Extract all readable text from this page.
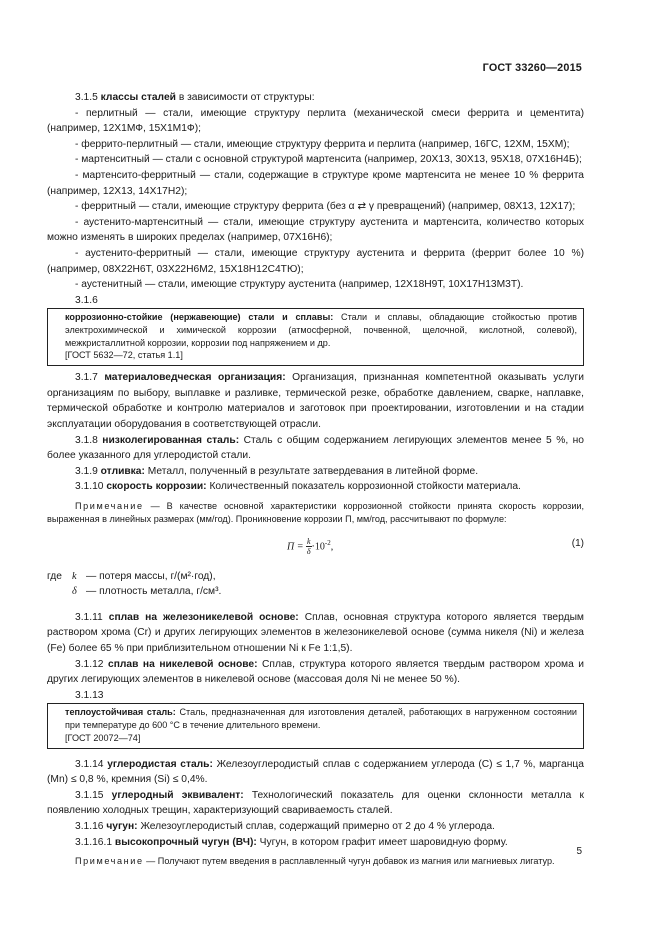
ГОСТ 33260—2015

3.1.5 классы сталей в зависимости от структуры:

- перлитный — стали, имеющие структуру перлита (механической смеси феррита и цементита) (например, 12Х1МФ, 15Х1М1Ф);

- феррито-перлитный — стали, имеющие структуру феррита и перлита (например, 16ГС, 12ХМ, 15ХМ);

- мартенситный — стали с основной структурой мартенсита (например, 20Х13, 30Х13, 95Х18, 07Х16Н4Б);

- мартенсито-ферритный — стали, содержащие в структуре кроме мартенсита не менее 10 % феррита (например, 12Х13, 14Х17Н2);

- ферритный — стали, имеющие структуру феррита (без α ⇄ γ превращений) (например, 08Х13, 12Х17);

- аустенито-мартенситный — стали, имеющие структуру аустенита и мартенсита, количество которых можно изменять в широких пределах (например, 07Х16Н6);

- аустенито-ферритный — стали, имеющие структуру аустенита и феррита (феррит более 10 %) (например, 08Х22Н6Т, 03Х22Н6М2, 15Х18Н12С4ТЮ);

- аустенитный — стали, имеющие структуру аустенита (например, 12Х18Н9Т, 10Х17Н13М3Т).

3.1.6

коррозионно-стойкие (нержавеющие) стали и сплавы: Стали и сплавы, обладающие стойкостью против электрохимической и химической коррозии (атмосферной, почвенной, щелочной, кислотной, солевой), межкристаллитной коррозии, коррозии под напряжением и др.
[ГОСТ 5632—72, статья 1.1]

3.1.7 материаловедческая организация: Организация, признанная компетентной оказывать услуги организациям по выбору, выплавке и разливке, термической резке, обработке давлением, сварке, наплавке, термической обработке и контролю материалов и заготовок при проектировании, изготовлении и на стадии эксплуатации оборудования в соответствующей отрасли.

3.1.8 низколегированная сталь: Сталь с общим содержанием легирующих элементов менее 5 %, но более указанного для углеродистой стали.

3.1.9 отливка: Металл, полученный в результате затвердевания в литейной форме.

3.1.10 скорость коррозии: Количественный показатель коррозионной стойкости материала.

Примечание — В качестве основной характеристики коррозионной стойкости принята скорость коррозии, выраженная в линейных размерах (мм/год). Проникновение коррозии П, мм/год, рассчитывают по формуле:

$П = \frac{k}{\delta} \cdot 10^{-2}$,	(1)
где k — потеря массы, г/(м²·год),
δ — плотность металла, г/см³.

3.1.11 сплав на железоникелевой основе: Сплав, основная структура которого является твердым раствором хрома (Cr) и других легирующих элементов в железоникелевой основе (сумма никеля (Ni) и железа (Fe) более 65 % при приблизительном отношении Ni к Fe 1:1,5).

3.1.12 сплав на никелевой основе: Сплав, структура которого является твердым раствором хрома и других легирующих элементов в никелевой основе (массовая доля Ni не менее 50 %).

3.1.13

теплоустойчивая сталь: Сталь, предназначенная для изготовления деталей, работающих в нагруженном состоянии при температуре до 600 °С в течение длительного времени.
[ГОСТ 20072—74]

3.1.14 углеродистая сталь: Железоуглеродистый сплав с содержанием углерода (С) ≤ 1,7 %, марганца (Mn) ≤ 0,8 %, кремния (Si) ≤ 0,4%.

3.1.15 углеродный эквивалент: Технологический показатель для оценки склонности металла к появлению холодных трещин, характеризующий свариваемость сталей.

3.1.16 чугун: Железоуглеродистый сплав, содержащий примерно от 2 до 4 % углерода.

3.1.16.1 высокопрочный чугун (ВЧ): Чугун, в котором графит имеет шаровидную форму.

Примечание — Получают путем введения в расплавленный чугун добавок из магния или магниевых лигатур.

5
